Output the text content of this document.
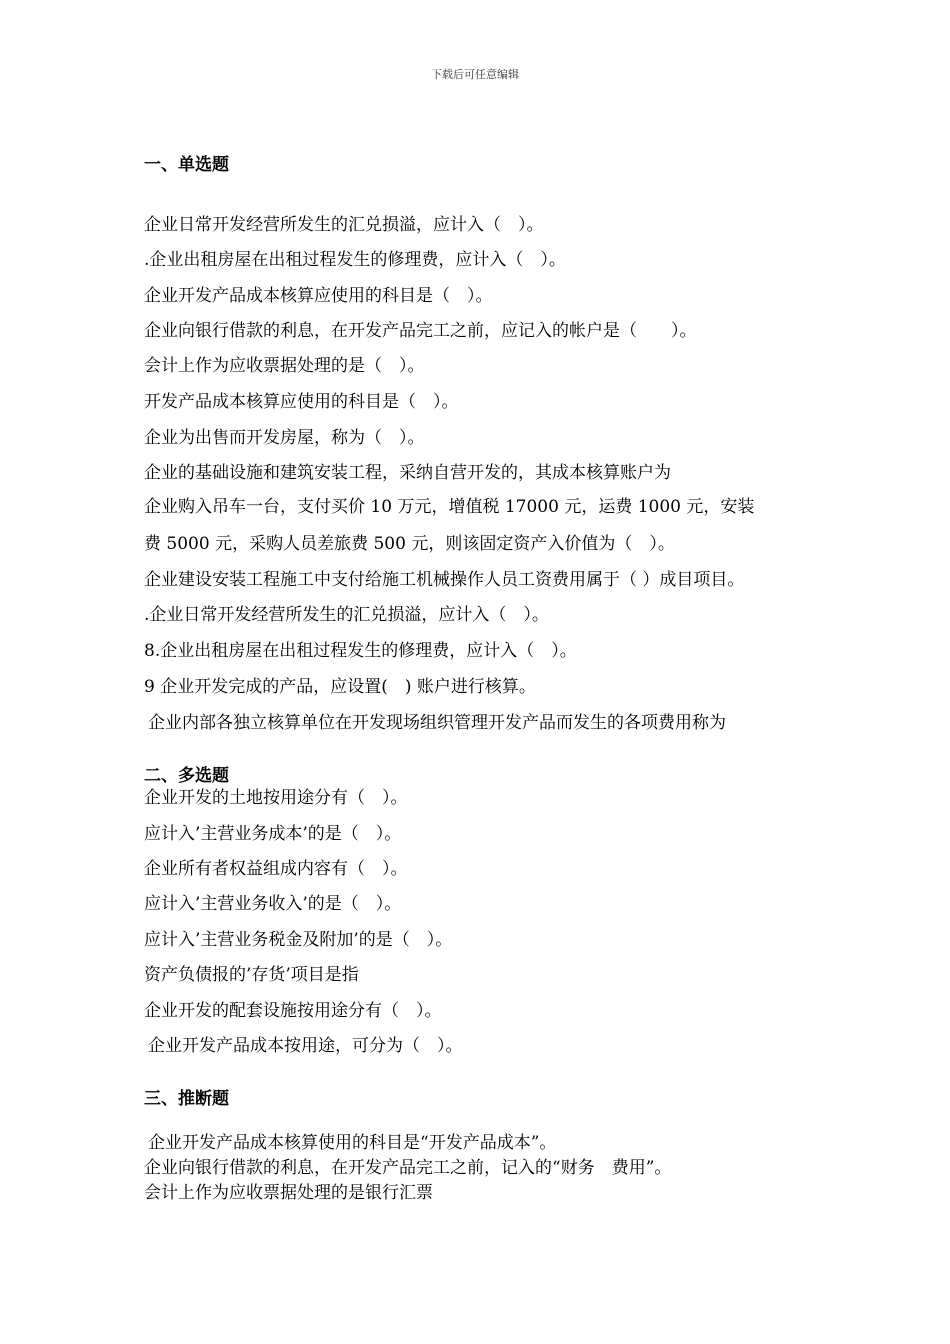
下载后可任意编辑
一、单选题
企业日常开发经营所发生的汇兑损溢，应计入（　）。
.企业出租房屋在出租过程发生的修理费，应计入（　）。
企业开发产品成本核算应使用的科目是（　）。
企业向银行借款的利息，在开发产品完工之前，应记入的帐户是（　　）。
会计上作为应收票据处理的是（　）。
开发产品成本核算应使用的科目是（　）。
企业为出售而开发房屋，称为（　）。
企业的基础设施和建筑安装工程，采纳自营开发的，其成本核算账户为
企业购入吊车一台，支付买价 10 万元，增值税 17000 元，运费 1000 元，安装
费 5000 元，采购人员差旅费 500 元，则该固定资产入价值为（　）。
企业建设安装工程施工中支付给施工机械操作人员工资费用属于（ ）成目项目。
.企业日常开发经营所发生的汇兑损溢，应计入（　）。
8.企业出租房屋在出租过程发生的修理费，应计入（　）。
9 企业开发完成的产品，应设置(　) 账户进行核算。
企业内部各独立核算单位在开发现场组织管理开发产品而发生的各项费用称为
二、多选题
企业开发的土地按用途分有（　）。
应计入’主营业务成本’的是（　）。
企业所有者权益组成内容有（　）。
应计入’主营业务收入’的是（　）。
应计入’主营业务税金及附加’的是（　）。
资产负债报的’存货’项目是指
企业开发的配套设施按用途分有（　）。
企业开发产品成本按用途，可分为（　）。
三、推断题
企业开发产品成本核算使用的科目是“开发产品成本”。
企业向银行借款的利息，在开发产品完工之前，记入的“财务　费用”。
会计上作为应收票据处理的是银行汇票
